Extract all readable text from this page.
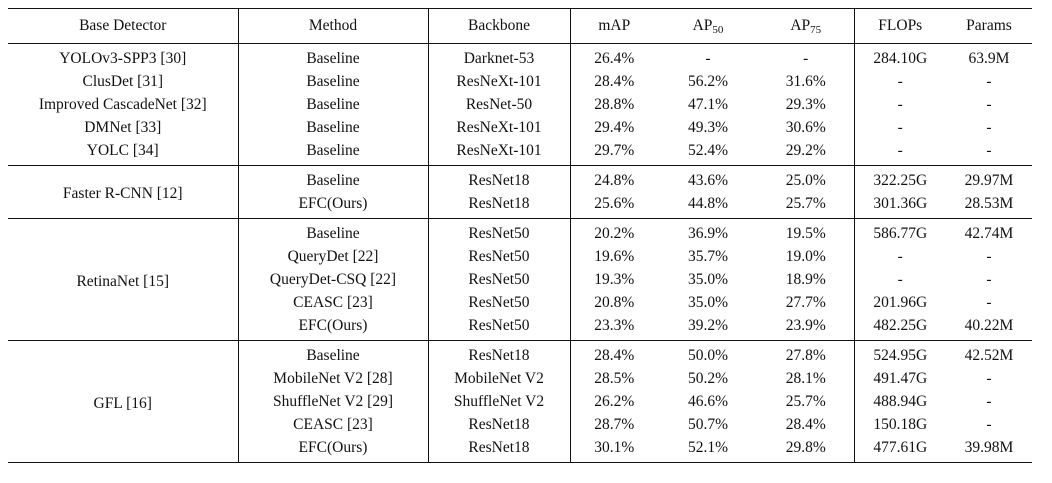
Base Detector	Method	Backbone	mAP	$AP_{50}$	$AP_{75}$	FLOPs	Params
YOLOv3-SPP3 [30]	Baseline	Darknet-53	26.4%	-	-	284.10G	63.9M
ClusDet [31]	Baseline	ResNeXt-101	28.4%	56.2%	31.6%	-	-
Improved CascadeNet [32]	Baseline	ResNet-50	28.8%	47.1%	29.3%	-	-
DMNet [33]	Baseline	ResNeXt-101	29.4%	49.3%	30.6%	-	-
YOLC [34]	Baseline	ResNeXt-101	29.7%	52.4%	29.2%	-	-
Faster R-CNN [12]	Baseline	ResNet18	24.8%	43.6%	25.0%	322.25G	29.97M
	EFC(Ours)	ResNet18	25.6%	44.8%	25.7%	301.36G	28.53M
RetinaNet [15]	Baseline	ResNet50	20.2%	36.9%	19.5%	586.77G	42.74M
	QueryDet [22]	ResNet50	19.6%	35.7%	19.0%	-	-
	QueryDet-CSQ [22]	ResNet50	19.3%	35.0%	18.9%	-	-
	CEASC [23]	ResNet50	20.8%	35.0%	27.7%	201.96G	-
	EFC(Ours)	ResNet50	23.3%	39.2%	23.9%	482.25G	40.22M
GFL [16]	Baseline	ResNet18	28.4%	50.0%	27.8%	524.95G	42.52M
	MobileNet V2 [28]	MobileNet V2	28.5%	50.2%	28.1%	491.47G	-
	ShuffleNet V2 [29]	ShuffleNet V2	26.2%	46.6%	25.7%	488.94G	-
	CEASC [23]	ResNet18	28.7%	50.7%	28.4%	150.18G	-
	EFC(Ours)	ResNet18	30.1%	52.1%	29.8%	477.61G	39.98M
